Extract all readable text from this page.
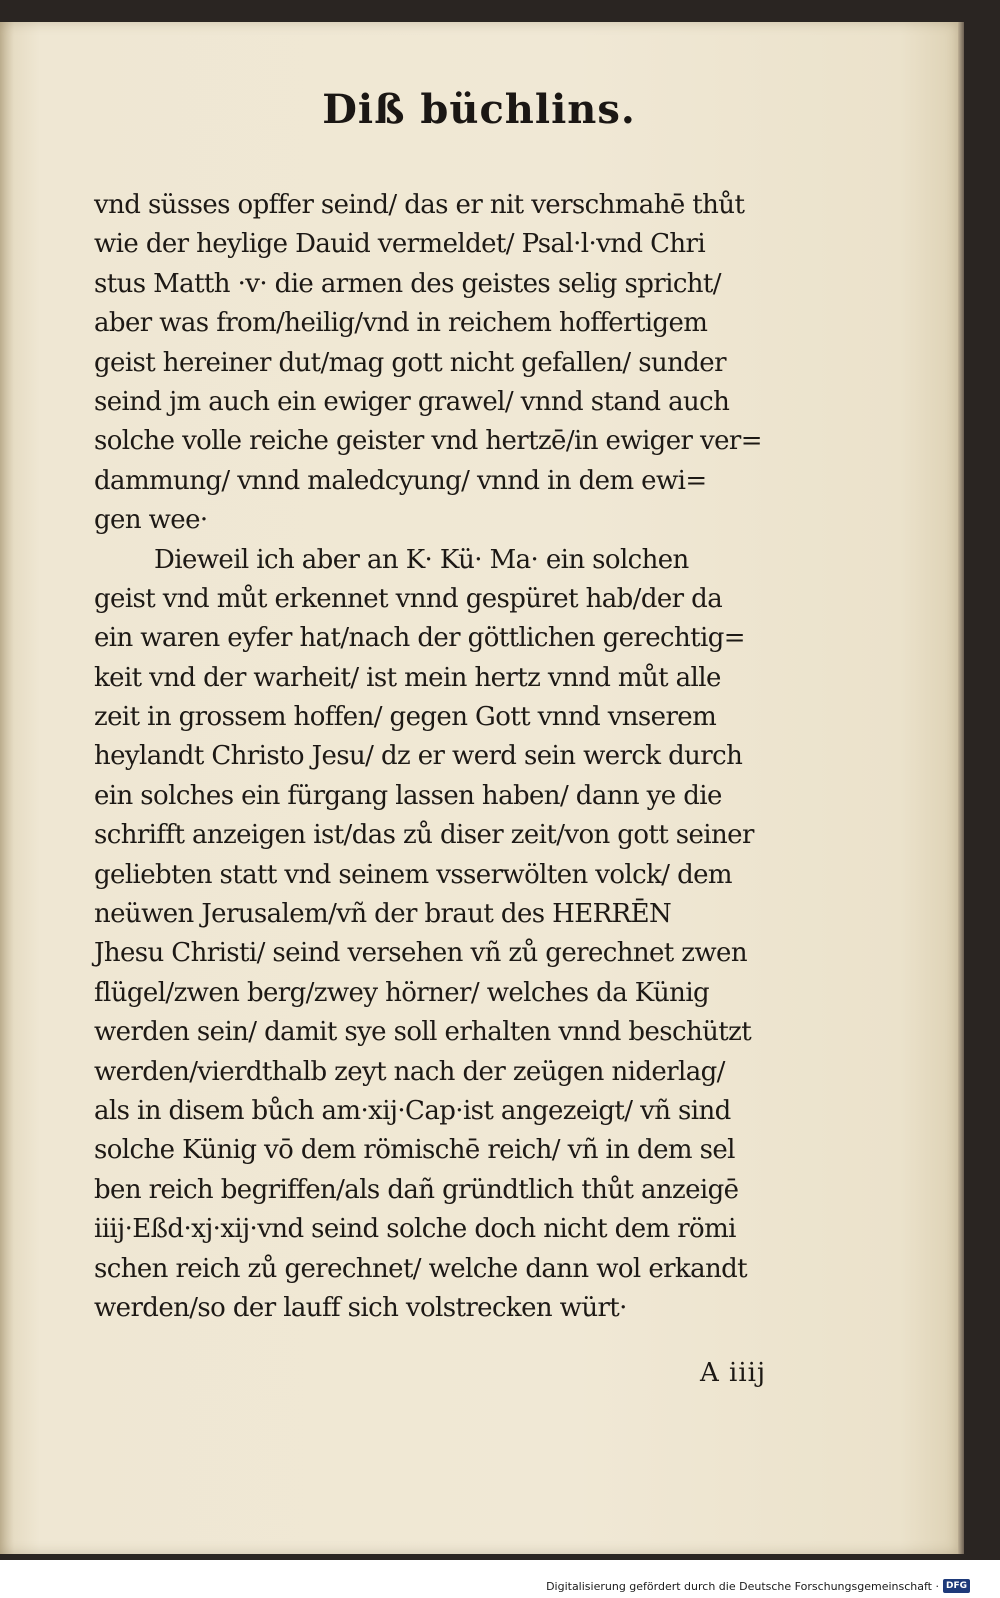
Diß büchlins.
vnd süsses opffer seind/ das er nit verschmahē thůt
wie der heylige Dauid vermeldet/ Psal·l·vnd Chri
stus Matth ·v· die armen des geistes selig spricht/
aber was from/heilig/vnd in reichem hoffertigem
geist hereiner dut/mag gott nicht gefallen/ sunder
seind jm auch ein ewiger grawel/ vnnd stand auch
solche volle reiche geister vnd hertzē/in ewiger ver=
dammung/ vnnd maledcyung/ vnnd in dem ewi=
gen wee·
Dieweil ich aber an K· Kü· Ma· ein solchen
geist vnd můt erkennet vnnd gespüret hab/der da
ein waren eyfer hat/nach der göttlichen gerechtig=
keit vnd der warheit/ ist mein hertz vnnd můt alle
zeit in grossem hoffen/ gegen Gott vnnd vnserem
heylandt Christo Jesu/ dz er werd sein werck durch
ein solches ein fürgang lassen haben/ dann ye die
schrifft anzeigen ist/das zů diser zeit/von gott seiner
geliebten statt vnd seinem vsserwölten volck/ dem
neüwen Jerusalem/vñ der braut des HERRĒN
Jhesu Christi/ seind versehen vñ zů gerechnet zwen
flügel/zwen berg/zwey hörner/ welches da Künig
werden sein/ damit sye soll erhalten vnnd beschützt
werden/vierdthalb zeyt nach der zeügen niderlag/
als in disem bůch am·xij·Cap·ist angezeigt/ vñ sind
solche Künig vō dem römischē reich/ vñ in dem sel
ben reich begriffen/als dañ gründtlich thůt anzeigē
iiij·Eßd·xj·xij·vnd seind solche doch nicht dem römi
schen reich zů gerechnet/ welche dann wol erkandt
werden/so der lauff sich volstrecken würt·
A iiij
Digitalisierung gefördert durch die Deutsche Forschungsgemeinschaft · DFG
